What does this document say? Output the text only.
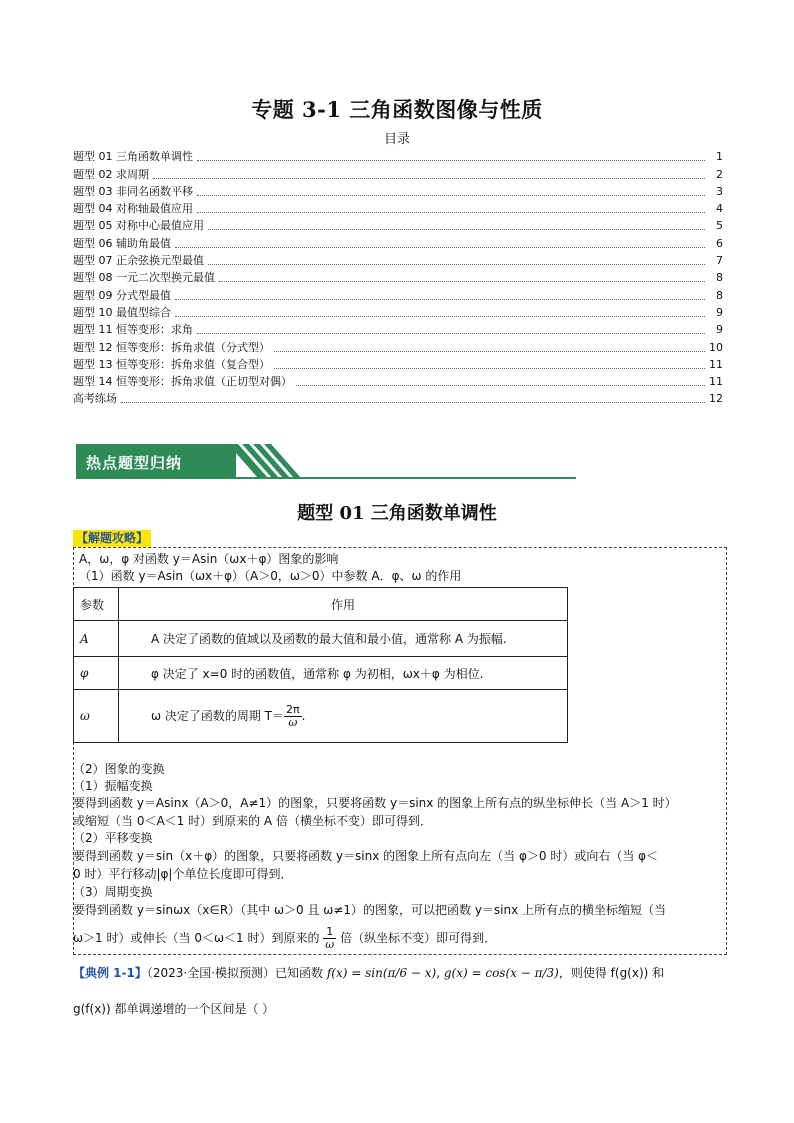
专题 3-1 三角函数图像与性质
目录
题型 01 三角函数单调性	1
题型 02 求周期	2
题型 03 非同名函数平移	3
题型 04 对称轴最值应用	4
题型 05 对称中心最值应用	5
题型 06 辅助角最值	6
题型 07 正余弦换元型最值	7
题型 08 一元二次型换元最值	8
题型 09 分式型最值	8
题型 10 最值型综合	9
题型 11 恒等变形：求角	9
题型 12 恒等变形：拆角求值（分式型）	10
题型 13 恒等变形：拆角求值（复合型）	11
题型 14 恒等变形：拆角求值（正切型对偶）	11
高考练场	12
热点题型归纳
题型 01 三角函数单调性
【解题攻略】
A，ω，φ 对函数 y＝Asin（ωx＋φ）图象的影响
（1）函数 y＝Asin（ωx＋φ）（A＞0，ω＞0）中参数 A．φ、ω 的作用
参数	作用
A	A 决定了函数的值域以及函数的最大值和最小值，通常称 A 为振幅.
φ	φ 决定了 x=0 时的函数值，通常称 φ 为初相，ωx＋φ 为相位.
ω	ω 决定了函数的周期 $T= \frac{2\pi}{\omega}$ .
（2）图象的变换
（1）振幅变换
要得到函数 y＝Asinx（A＞0，A≠1）的图象，只要将函数 y＝sinx 的图象上所有点的纵坐标伸长（当 A＞1 时）
或缩短（当 0＜A＜1 时）到原来的 A 倍（横坐标不变）即可得到．
（2）平移变换
要得到函数 y＝sin（x＋φ）的图象，只要将函数 y＝sinx 的图象上所有点向左（当 φ＞0 时）或向右（当 φ＜
0 时）平行移动|φ|个单位长度即可得到．
（3）周期变换
要得到函数 y＝sinωx（x∈R）（其中 ω＞0 且 ω≠1）的图象，可以把函数 y＝sinx 上所有点的横坐标缩短（当
ω＞1 时）或伸长（当 0＜ω＜1 时）到原来的 $\frac{1}{\omega}$ 倍（纵坐标不变）即可得到．
【典例 1-1】（2023·全国·模拟预测）已知函数 f(x) = sin(π/6 − x), g(x) = cos(x − π/3)，则使得 f(g(x)) 和
g(f(x)) 都单调递增的一个区间是（ ）
